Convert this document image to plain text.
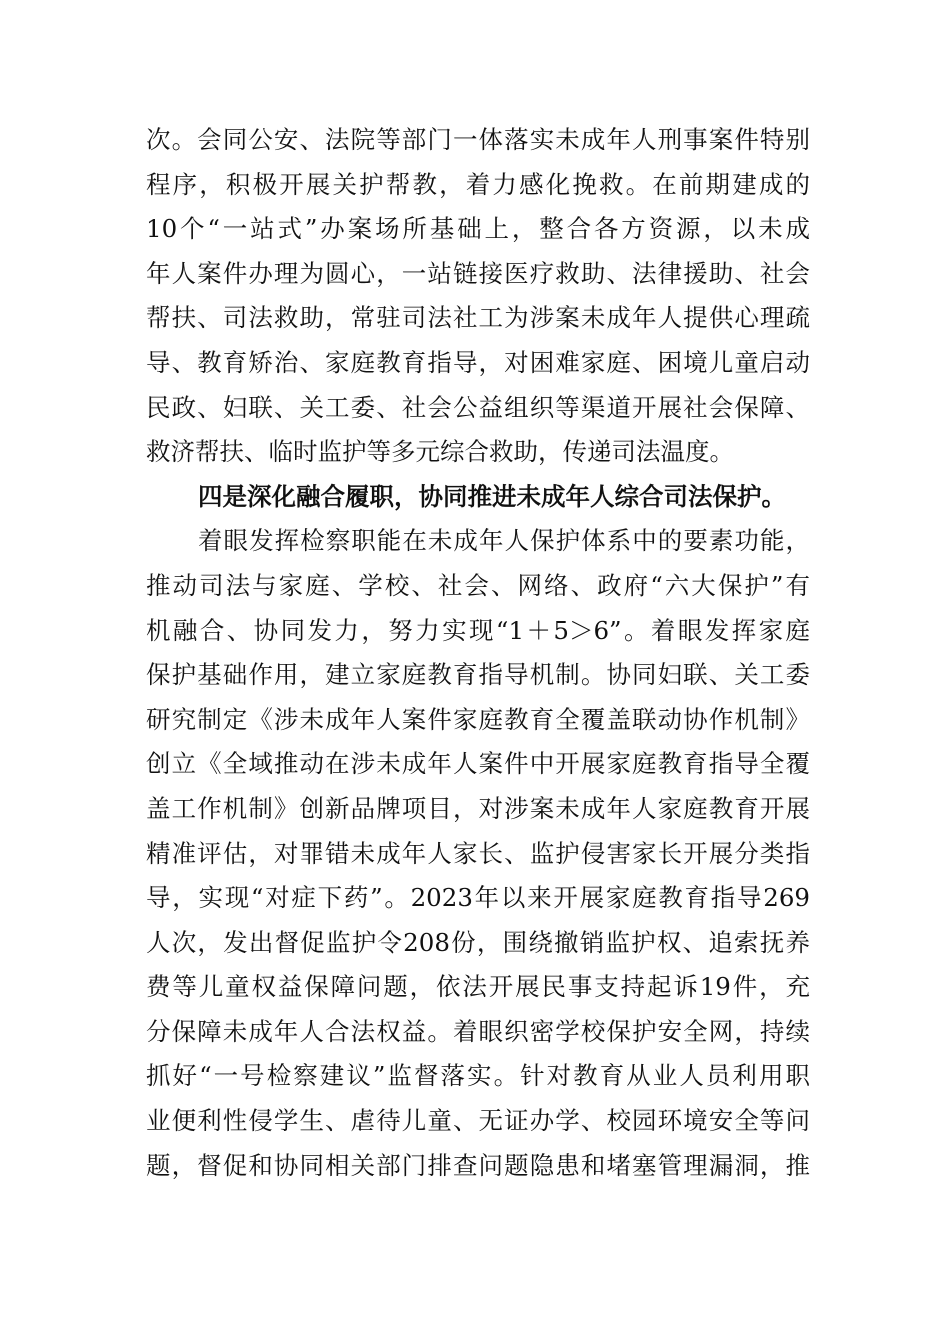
次。会同公安、法院等部门一体落实未成年人刑事案件特别
程序，积极开展关护帮教，着力感化挽救。在前期建成的
10个“一站式”办案场所基础上，整合各方资源，以未成
年人案件办理为圆心，一站链接医疗救助、法律援助、社会
帮扶、司法救助，常驻司法社工为涉案未成年人提供心理疏
导、教育矫治、家庭教育指导，对困难家庭、困境儿童启动
民政、妇联、关工委、社会公益组织等渠道开展社会保障、
救济帮扶、临时监护等多元综合救助，传递司法温度。
四是深化融合履职，协同推进未成年人综合司法保护。
着眼发挥检察职能在未成年人保护体系中的要素功能，
推动司法与家庭、学校、社会、网络、政府“六大保护”有
机融合、协同发力，努力实现“1＋5＞6”。着眼发挥家庭
保护基础作用，建立家庭教育指导机制。协同妇联、关工委
研究制定《涉未成年人案件家庭教育全覆盖联动协作机制》
创立《全域推动在涉未成年人案件中开展家庭教育指导全覆
盖工作机制》创新品牌项目，对涉案未成年人家庭教育开展
精准评估，对罪错未成年人家长、监护侵害家长开展分类指
导，实现“对症下药”。2023年以来开展家庭教育指导269
人次，发出督促监护令208份，围绕撤销监护权、追索抚养
费等儿童权益保障问题，依法开展民事支持起诉19件，充
分保障未成年人合法权益。着眼织密学校保护安全网，持续
抓好“一号检察建议”监督落实。针对教育从业人员利用职
业便利性侵学生、虐待儿童、无证办学、校园环境安全等问
题，督促和协同相关部门排查问题隐患和堵塞管理漏洞，推
